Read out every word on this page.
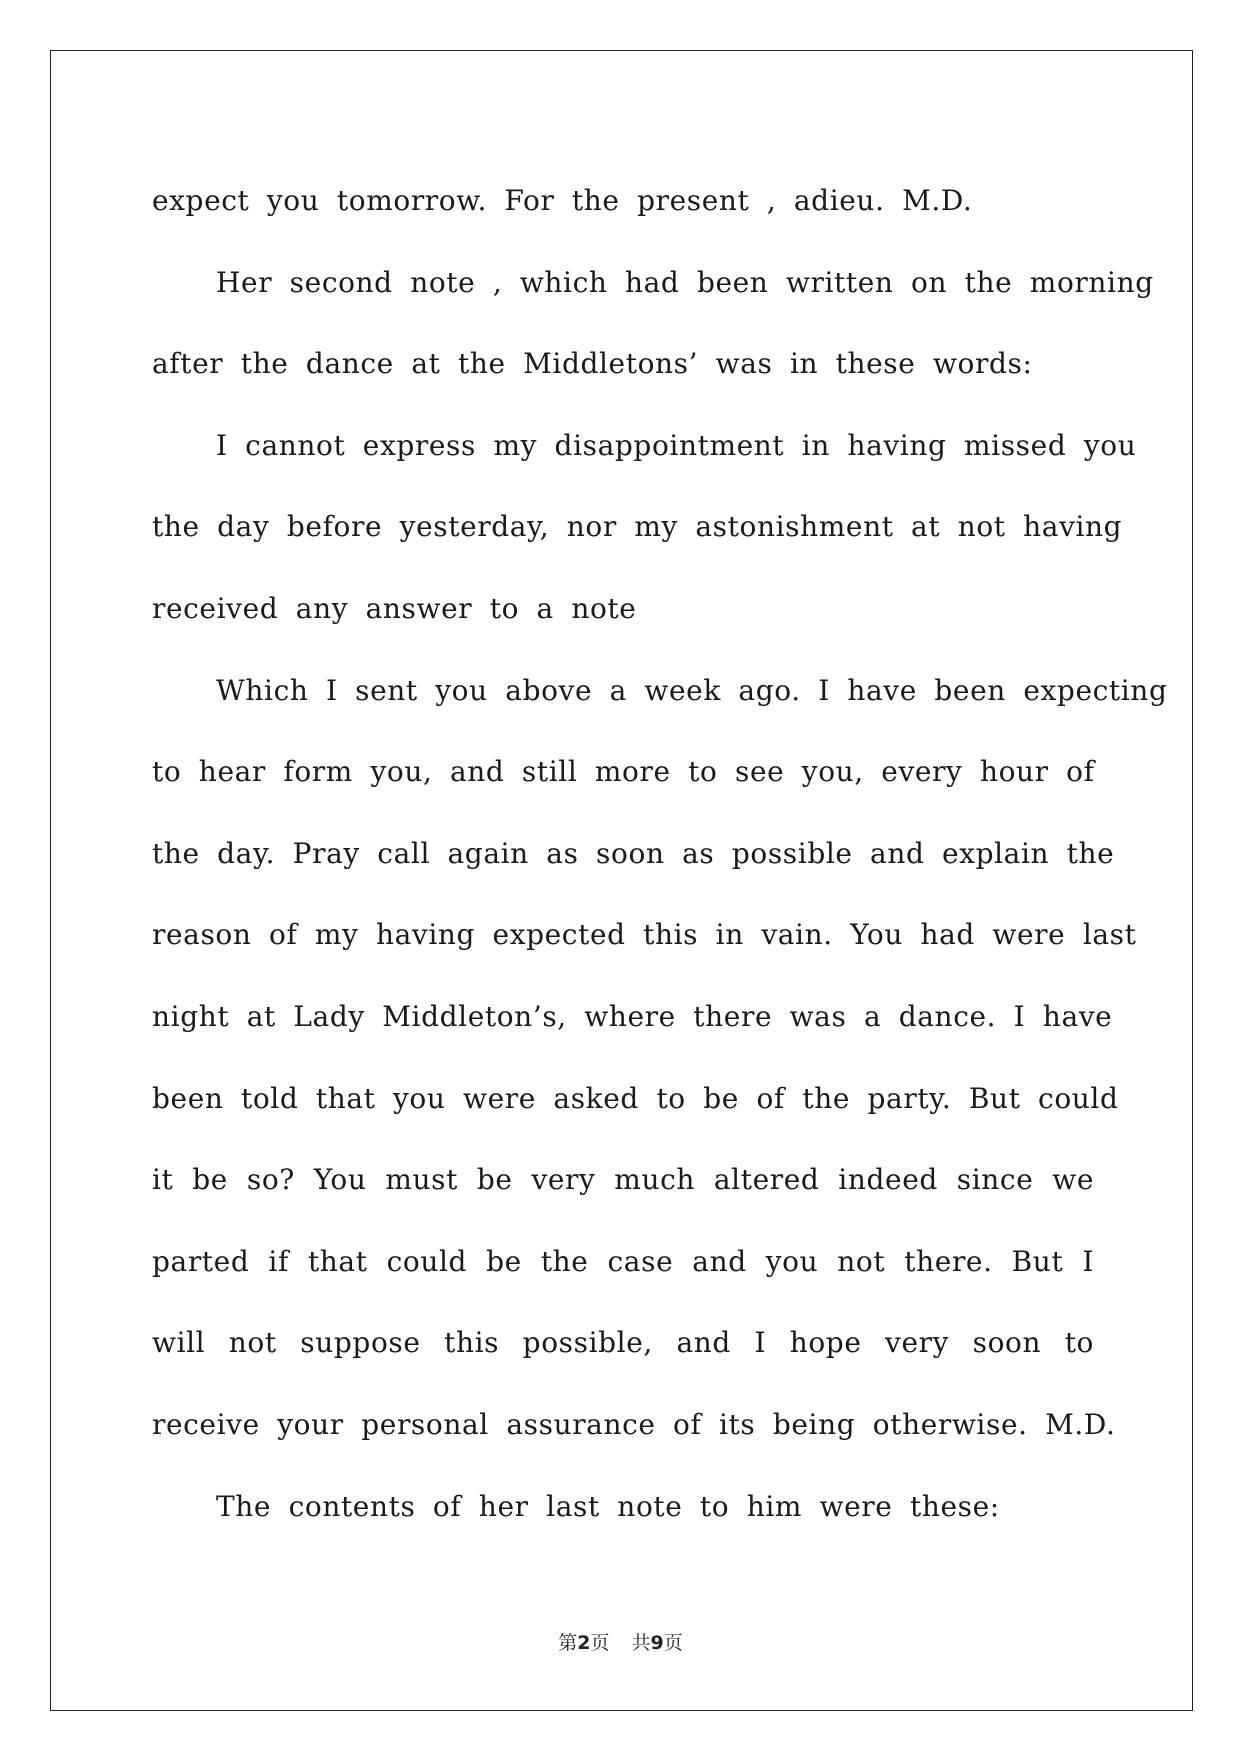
expect you tomorrow. For the present , adieu. M.D.
Her second note , which had been written on the morning
after the dance at the Middletons’ was in these words:
I cannot express my disappointment in having missed you
the day before yesterday, nor my astonishment at not having
received any answer to a note
Which I sent you above a week ago. I have been expecting
to hear form you, and still more to see you, every hour of
the day. Pray call again as soon as possible and explain the
reason of my having expected this in vain. You had were last
night at Lady Middleton’s, where there was a dance. I have
been told that you were asked to be of the party. But could
it be so? You must be very much altered indeed since we
parted if that could be the case and you not there. But I
will not suppose this possible, and I hope very soon to
receive your personal assurance of its being otherwise. M.D.
The contents of her last note to him were these:
第2页 共9页
